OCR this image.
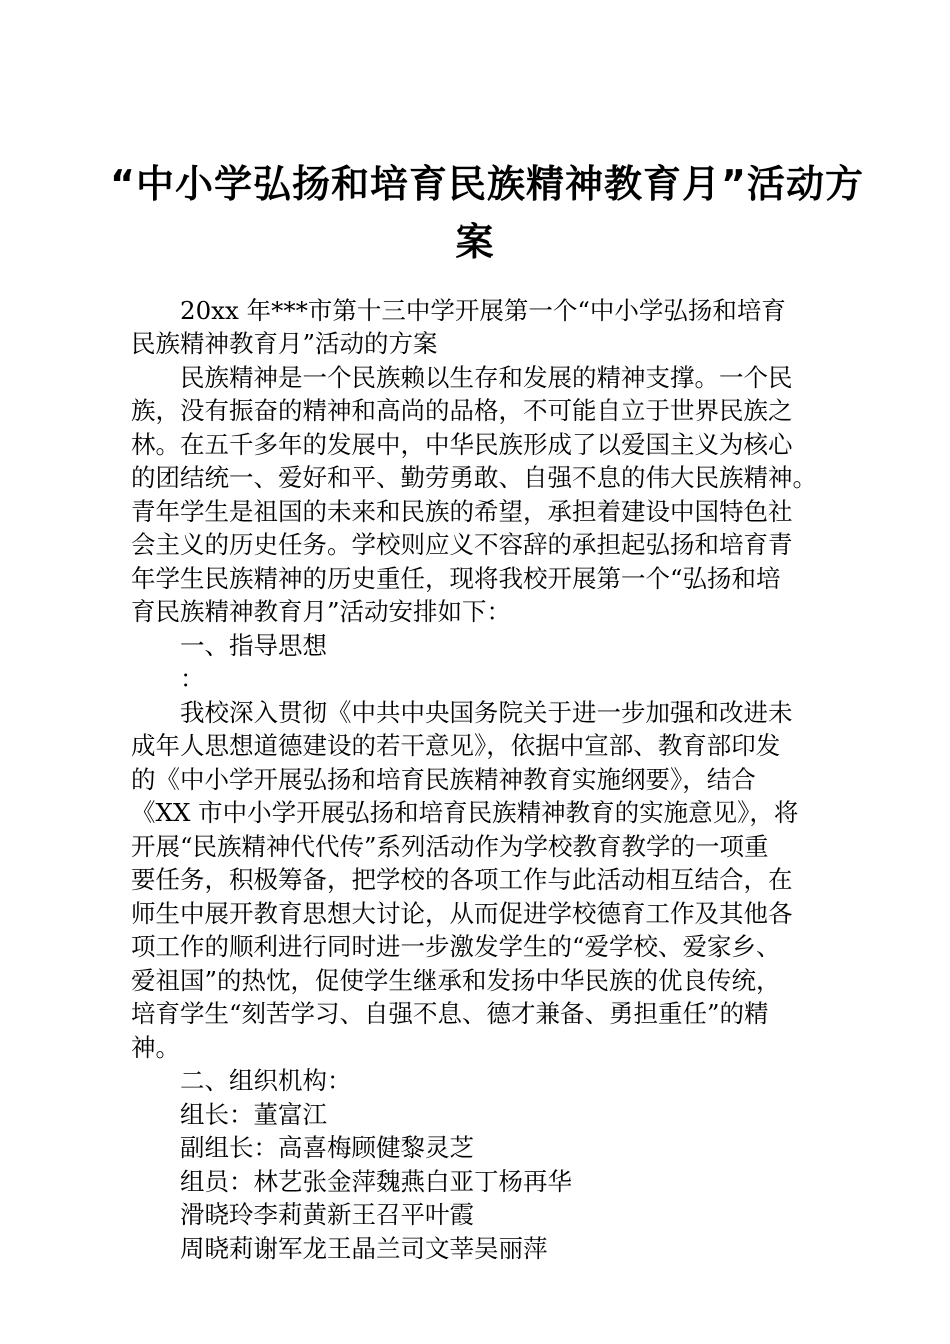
“中小学弘扬和培育民族精神教育月”活动方
案
　　20xx 年***市第十三中学开展第一个“中小学弘扬和培育
民族精神教育月”活动的方案
　　民族精神是一个民族赖以生存和发展的精神支撑。一个民
族，没有振奋的精神和高尚的品格，不可能自立于世界民族之
林。在五千多年的发展中，中华民族形成了以爱国主义为核心
的团结统一、爱好和平、勤劳勇敢、自强不息的伟大民族精神。
青年学生是祖国的未来和民族的希望，承担着建设中国特色社
会主义的历史任务。学校则应义不容辞的承担起弘扬和培育青
年学生民族精神的历史重任，现将我校开展第一个“弘扬和培
育民族精神教育月”活动安排如下：
　　一、指导思想
　　：
　　我校深入贯彻《中共中央国务院关于进一步加强和改进未
成年人思想道德建设的若干意见》，依据中宣部、教育部印发
的《中小学开展弘扬和培育民族精神教育实施纲要》，结合
《XX 市中小学开展弘扬和培育民族精神教育的实施意见》，将
开展“民族精神代代传”系列活动作为学校教育教学的一项重
要任务，积极筹备，把学校的各项工作与此活动相互结合，在
师生中展开教育思想大讨论，从而促进学校德育工作及其他各
项工作的顺利进行同时进一步激发学生的“爱学校、爱家乡、
爱祖国”的热忱，促使学生继承和发扬中华民族的优良传统，
培育学生“刻苦学习、自强不息、德才兼备、勇担重任”的精
神。
　　二、组织机构：
　　组长：董富江
　　副组长：高喜梅顾健黎灵芝
　　组员：林艺张金萍魏燕白亚丁杨再华
　　滑晓玲李莉黄新王召平叶霞
　　周晓莉谢军龙王晶兰司文莘吴丽萍
